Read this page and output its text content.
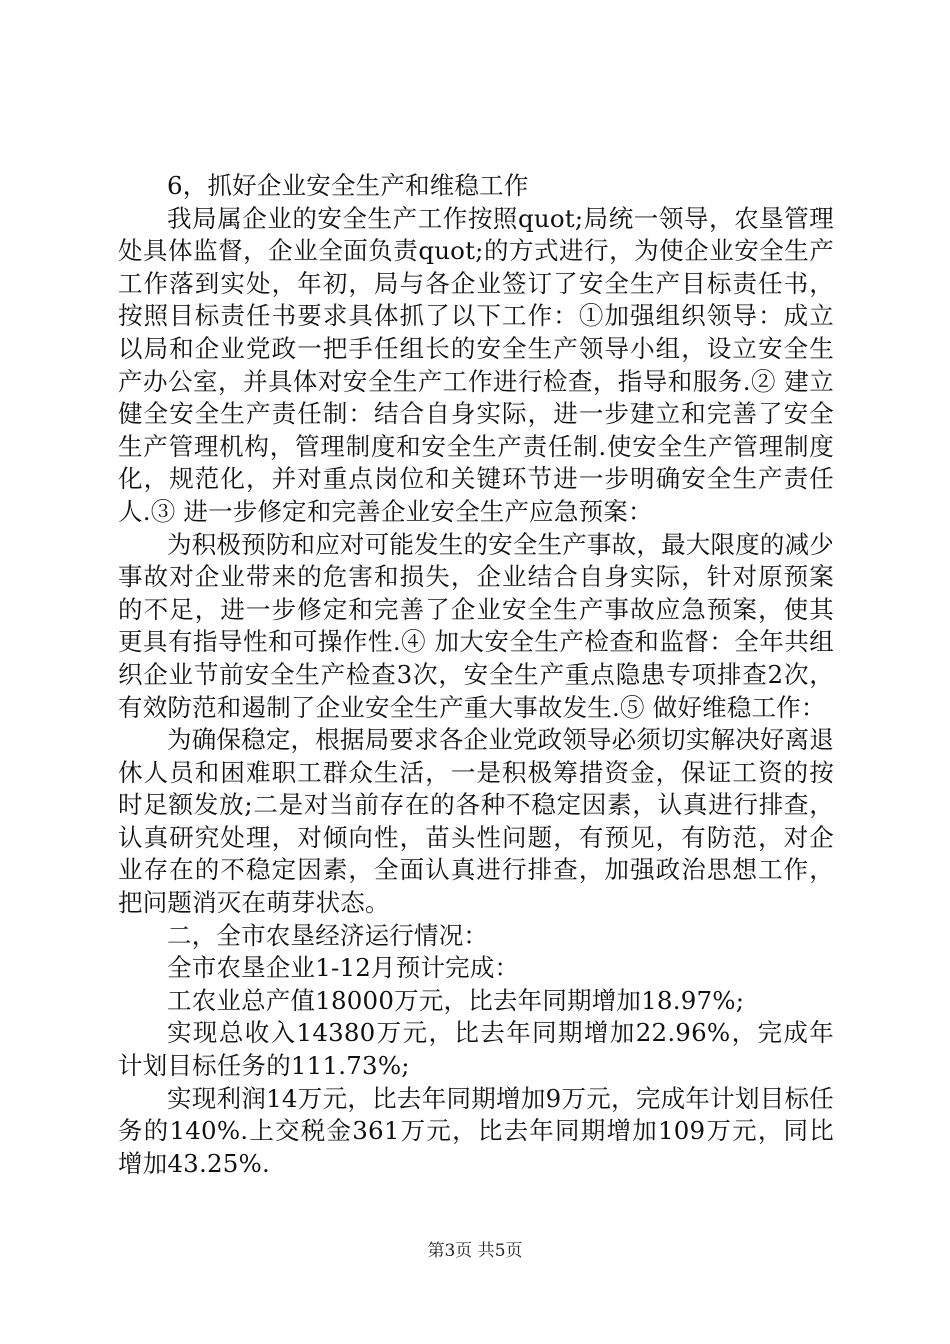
6，抓好企业安全生产和维稳工作

我局属企业的安全生产工作按照quot;局统一领导，农垦管理处具体监督，企业全面负责quot;的方式进行，为使企业安全生产工作落到实处，年初，局与各企业签订了安全生产目标责任书，按照目标责任书要求具体抓了以下工作：①加强组织领导：成立以局和企业党政一把手任组长的安全生产领导小组，设立安全生产办公室，并具体对安全生产工作进行检查，指导和服务.② 建立健全安全生产责任制：结合自身实际，进一步建立和完善了安全生产管理机构，管理制度和安全生产责任制.使安全生产管理制度化，规范化，并对重点岗位和关键环节进一步明确安全生产责任人.③ 进一步修定和完善企业安全生产应急预案：

为积极预防和应对可能发生的安全生产事故，最大限度的减少事故对企业带来的危害和损失，企业结合自身实际，针对原预案的不足，进一步修定和完善了企业安全生产事故应急预案，使其更具有指导性和可操作性.④ 加大安全生产检查和监督：全年共组织企业节前安全生产检查3次，安全生产重点隐患专项排查2次，有效防范和遏制了企业安全生产重大事故发生.⑤ 做好维稳工作：

为确保稳定，根据局要求各企业党政领导必须切实解决好离退休人员和困难职工群众生活，一是积极筹措资金，保证工资的按时足额发放;二是对当前存在的各种不稳定因素，认真进行排查，认真研究处理，对倾向性，苗头性问题，有预见，有防范，对企业存在的不稳定因素，全面认真进行排查，加强政治思想工作，把问题消灭在萌芽状态。

二，全市农垦经济运行情况：

全市农垦企业1-12月预计完成：

工农业总产值18000万元，比去年同期增加18.97%;

实现总收入14380万元，比去年同期增加22.96%，完成年计划目标任务的111.73%;

实现利润14万元，比去年同期增加9万元，完成年计划目标任务的140%.上交税金361万元，比去年同期增加109万元，同比增加43.25%.

第3页 共5页
